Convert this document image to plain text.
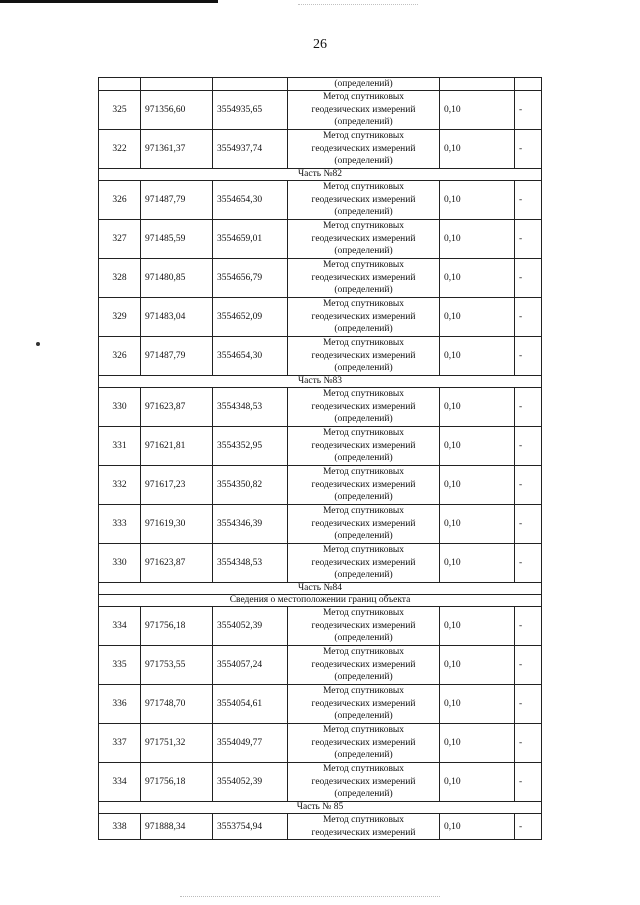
26
			(определений)		
325	971356,60	3554935,65	Метод спутниковых
геодезических измерений
(определений)	0,10	-
322	971361,37	3554937,74	Метод спутниковых
геодезических измерений
(определений)	0,10	-
Часть №82					
326	971487,79	3554654,30	Метод спутниковых
геодезических измерений
(определений)	0,10	-
327	971485,59	3554659,01	Метод спутниковых
геодезических измерений
(определений)	0,10	-
328	971480,85	3554656,79	Метод спутниковых
геодезических измерений
(определений)	0,10	-
329	971483,04	3554652,09	Метод спутниковых
геодезических измерений
(определений)	0,10	-
326	971487,79	3554654,30	Метод спутниковых
геодезических измерений
(определений)	0,10	-
Часть №83					
330	971623,87	3554348,53	Метод спутниковых
геодезических измерений
(определений)	0,10	-
331	971621,81	3554352,95	Метод спутниковых
геодезических измерений
(определений)	0,10	-
332	971617,23	3554350,82	Метод спутниковых
геодезических измерений
(определений)	0,10	-
333	971619,30	3554346,39	Метод спутниковых
геодезических измерений
(определений)	0,10	-
330	971623,87	3554348,53	Метод спутниковых
геодезических измерений
(определений)	0,10	-
Часть №84					
Сведения о местоположении границ объекта					
334	971756,18	3554052,39	Метод спутниковых
геодезических измерений
(определений)	0,10	-
335	971753,55	3554057,24	Метод спутниковых
геодезических измерений
(определений)	0,10	-
336	971748,70	3554054,61	Метод спутниковых
геодезических измерений
(определений)	0,10	-
337	971751,32	3554049,77	Метод спутниковых
геодезических измерений
(определений)	0,10	-
334	971756,18	3554052,39	Метод спутниковых
геодезических измерений
(определений)	0,10	-
Часть № 85					
338	971888,34	3553754,94	Метод спутниковых
геодезических измерений	0,10	-
